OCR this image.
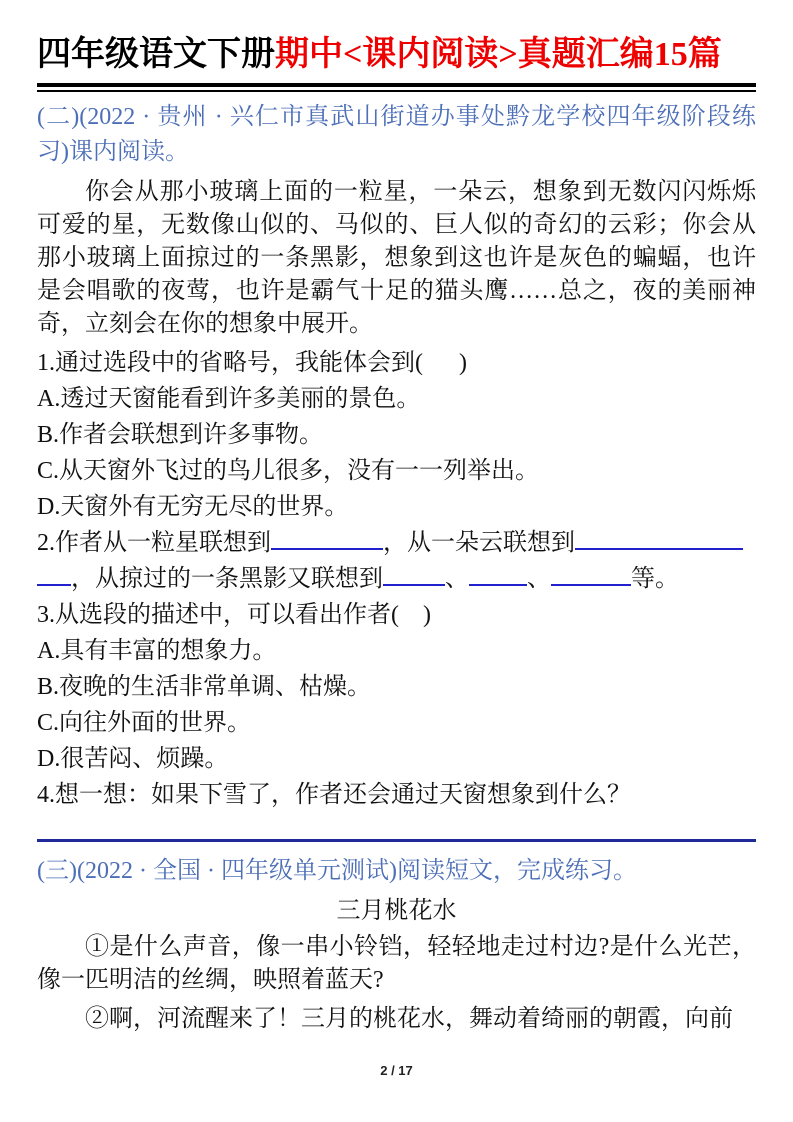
四年级语文下册期中<课内阅读>真题汇编15篇
(二)(2022 · 贵州 · 兴仁市真武山街道办事处黔龙学校四年级阶段练习)课内阅读。
你会从那小玻璃上面的一粒星，一朵云，想象到无数闪闪烁烁可爱的星，无数像山似的、马似的、巨人似的奇幻的云彩；你会从那小玻璃上面掠过的一条黑影，想象到这也许是灰色的蝙蝠，也许是会唱歌的夜莺，也许是霸气十足的猫头鹰……总之，夜的美丽神奇，立刻会在你的想象中展开。
1.通过选段中的省略号，我能体会到(      )
A.透过天窗能看到许多美丽的景色。
B.作者会联想到许多事物。
C.从天窗外飞过的鸟儿很多，没有一一列举出。
D.天窗外有无穷无尽的世界。
2.作者从一粒星联想到	，从一朵云联想到
，从掠过的一条黑影又联想到	、 、	等。
3.从选段的描述中，可以看出作者(    )
A.具有丰富的想象力。
B.夜晚的生活非常单调、枯燥。
C.向往外面的世界。
D.很苦闷、烦躁。
4.想一想：如果下雪了，作者还会通过天窗想象到什么？
(三)(2022 · 全国 · 四年级单元测试)阅读短文，完成练习。
三月桃花水
①是什么声音，像一串小铃铛，轻轻地走过村边?是什么光芒，像一匹明洁的丝绸，映照着蓝天?
②啊，河流醒来了！三月的桃花水，舞动着绮丽的朝霞，向前
2 / 17
